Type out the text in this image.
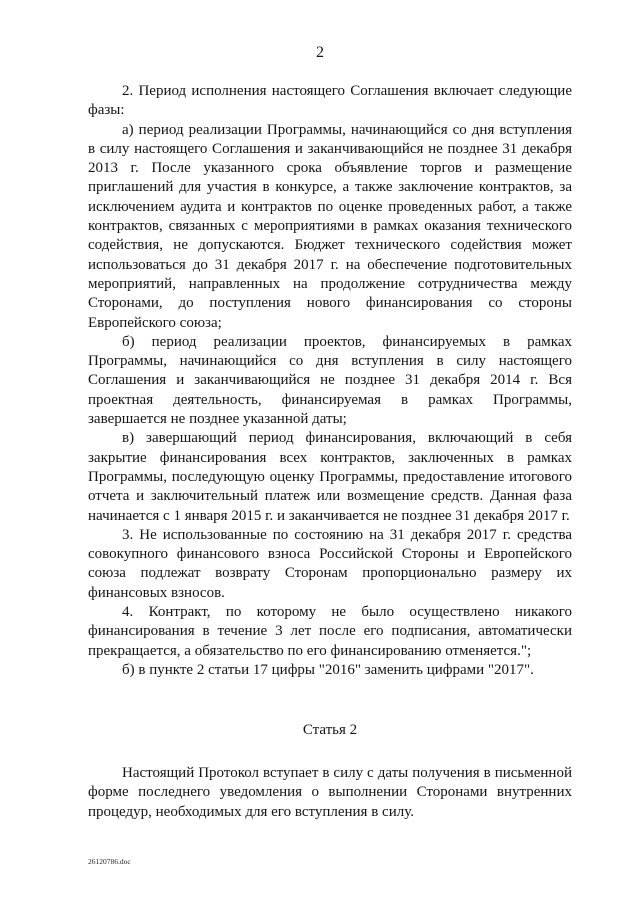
2

2. Период исполнения настоящего Соглашения включает следующие фазы:

а) период реализации Программы, начинающийся со дня вступления в силу настоящего Соглашения и заканчивающийся не позднее 31 декабря 2013 г. После указанного срока объявление торгов и размещение приглашений для участия в конкурсе, а также заключение контрактов, за исключением аудита и контрактов по оценке проведенных работ, а также контрактов, связанных с мероприятиями в рамках оказания технического содействия, не допускаются. Бюджет технического содействия может использоваться до 31 декабря 2017 г. на обеспечение подготовительных мероприятий, направленных на продолжение сотрудничества между Сторонами, до поступления нового финансирования со стороны Европейского союза;

б) период реализации проектов, финансируемых в рамках Программы, начинающийся со дня вступления в силу настоящего Соглашения и заканчивающийся не позднее 31 декабря 2014 г. Вся проектная деятельность, финансируемая в рамках Программы, завершается не позднее указанной даты;

в) завершающий период финансирования, включающий в себя закрытие финансирования всех контрактов, заключенных в рамках Программы, последующую оценку Программы, предоставление итогового отчета и заключительный платеж или возмещение средств. Данная фаза начинается с 1 января 2015 г. и заканчивается не позднее 31 декабря 2017 г.

3. Не использованные по состоянию на 31 декабря 2017 г. средства совокупного финансового взноса Российской Стороны и Европейского союза подлежат возврату Сторонам пропорционально размеру их финансовых взносов.

4. Контракт, по которому не было осуществлено никакого финансирования в течение 3 лет после его подписания, автоматически прекращается, а обязательство по его финансированию отменяется.";

б) в пункте 2 статьи 17 цифры "2016" заменить цифрами "2017".

Статья 2

Настоящий Протокол вступает в силу с даты получения в письменной форме последнего уведомления о выполнении Сторонами внутренних процедур, необходимых для его вступления в силу.

26120786.doc
